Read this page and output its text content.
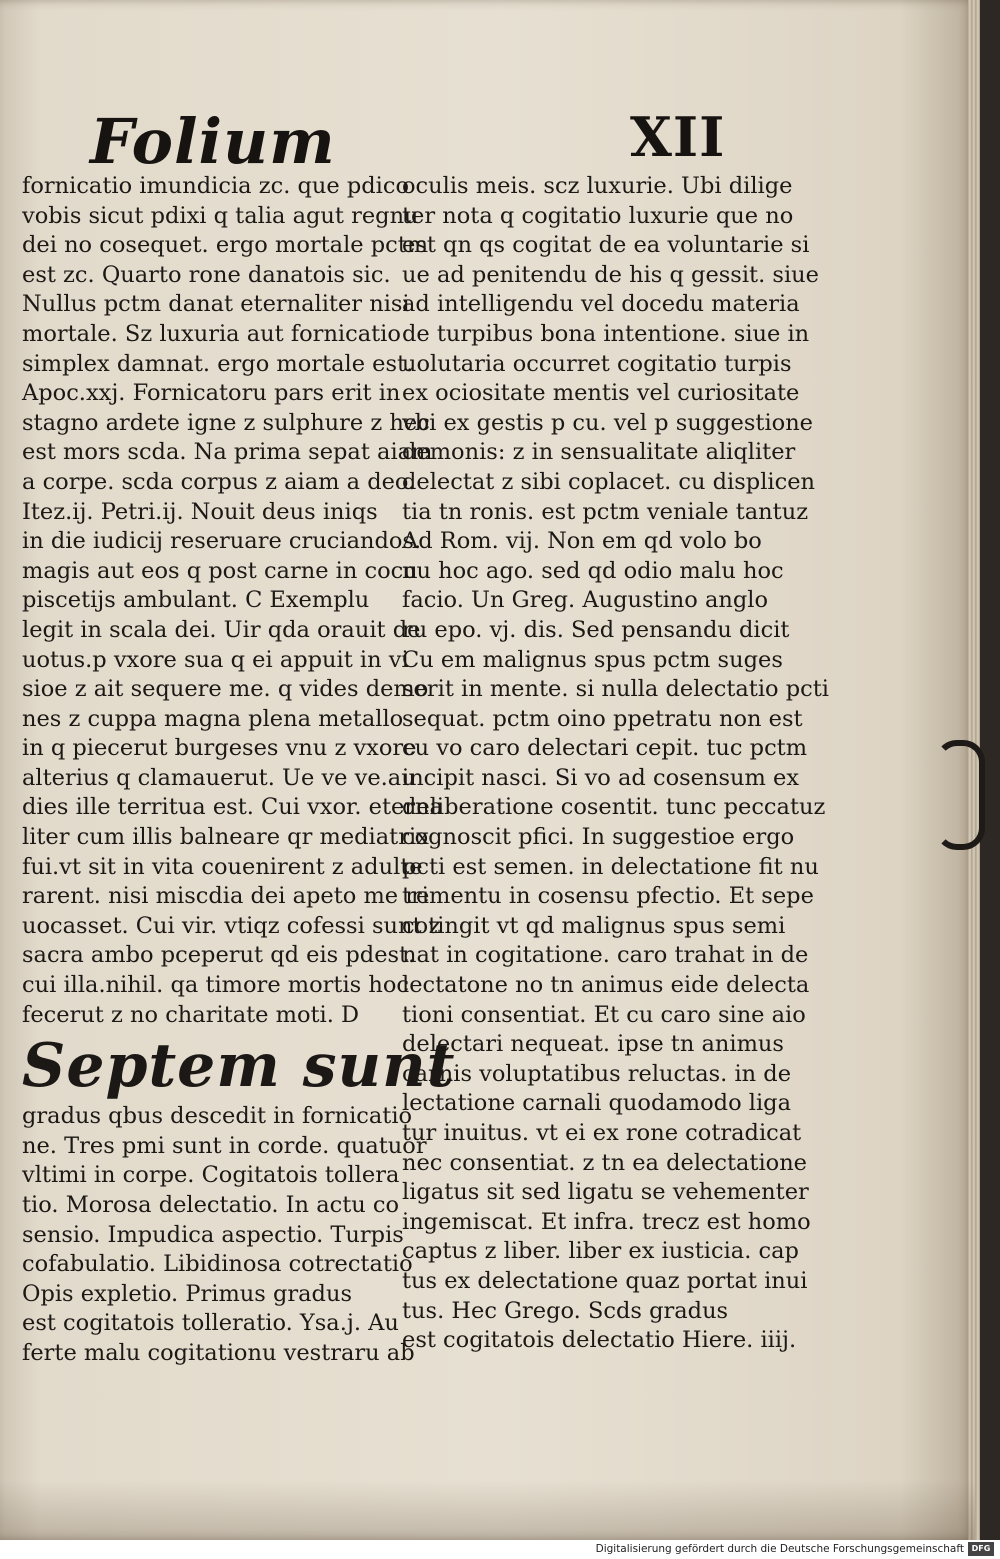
Folium	XII
fornicatio imundicia zc. que pdico
vobis sicut pdixi q talia agut regnu
dei no cosequet. ergo mortale pctm
est zc. Quarto rone danatois sic.
Nullus pctm danat eternaliter nisi
mortale. Sz luxuria aut fornicatio
simplex damnat. ergo mortale est.
Apoc.xxj. Fornicatoru pars erit in
stagno ardete igne z sulphure z hec
est mors scda. Na prima sepat aiam
a corpe. scda corpus z aiam a deo.
Itez.ij. Petri.ij. Nouit deus iniqs
in die iudicij reseruare cruciandos.
magis aut eos q post carne in cocu
piscetijs ambulant. C Exemplu
legit in scala dei. Uir qda orauit de
uotus.p vxore sua q ei appuit in vi
sioe z ait sequere me. q vides demo
nes z cuppa magna plena metallo
in q piecerut burgeses vnu z vxore
alterius q clamauerut. Ue ve ve.au
dies ille territua est. Cui vxor. eterna
liter cum illis balneare qr mediatrix
fui.vt sit in vita couenirent z adulte
rarent. nisi miscdia dei apeto me re
uocasset. Cui vir. vtiqz cofessi sunt z
sacra ambo pceperut qd eis pdest.
cui illa.nihil. qa timore mortis hoc
fecerut z no charitate moti. D
Septem sunt
gradus qbus descedit in fornicatio
ne. Tres pmi sunt in corde. quatuor
vltimi in corpe. Cogitatois tollera
tio. Morosa delectatio. In actu co
sensio. Impudica aspectio. Turpis
cofabulatio. Libidinosa cotrectatio
Opis expletio. Primus gradus
est cogitatois tolleratio. Ysa.j. Au
ferte malu cogitationu vestraru ab
oculis meis. scz luxurie. Ubi dilige
ter nota q cogitatio luxurie que no
est qn qs cogitat de ea voluntarie si
ue ad penitendu de his q gessit. siue
ad intelligendu vel docedu materia
de turpibus bona intentione. siue in
uolutaria occurret cogitatio turpis
ex ociositate mentis vel curiositate
vbi ex gestis p cu. vel p suggestione
demonis: z in sensualitate aliqliter
delectat z sibi coplacet. cu displicen
tia tn ronis. est pctm veniale tantuz
Ad Rom. vij. Non em qd volo bo
nu hoc ago. sed qd odio malu hoc
facio. Un Greg. Augustino anglo
ru epo. vj. dis. Sed pensandu dicit
Cu em malignus spus pctm suges
serit in mente. si nulla delectatio pcti
sequat. pctm oino ppetratu non est
cu vo caro delectari cepit. tuc pctm
incipit nasci. Si vo ad cosensum ex
deliberatione cosentit. tunc peccatuz
cognoscit pfici. In suggestioe ergo
pcti est semen. in delectatione fit nu
trimentu in cosensu pfectio. Et sepe
cotingit vt qd malignus spus semi
nat in cogitatione. caro trahat in de
lectatone no tn animus eide delecta
tioni consentiat. Et cu caro sine aio
delectari nequeat. ipse tn animus
carnis voluptatibus reluctas. in de
lectatione carnali quodamodo liga
tur inuitus. vt ei ex rone cotradicat
nec consentiat. z tn ea delectatione
ligatus sit sed ligatu se vehementer
ingemiscat. Et infra. trecz est homo
captus z liber. liber ex iusticia. cap
tus ex delectatione quaz portat inui
tus. Hec Grego. Scds gradus
est cogitatois delectatio Hiere. iiij.
Digitalisierung gefördert durch die Deutsche Forschungsgemeinschaft DFG
